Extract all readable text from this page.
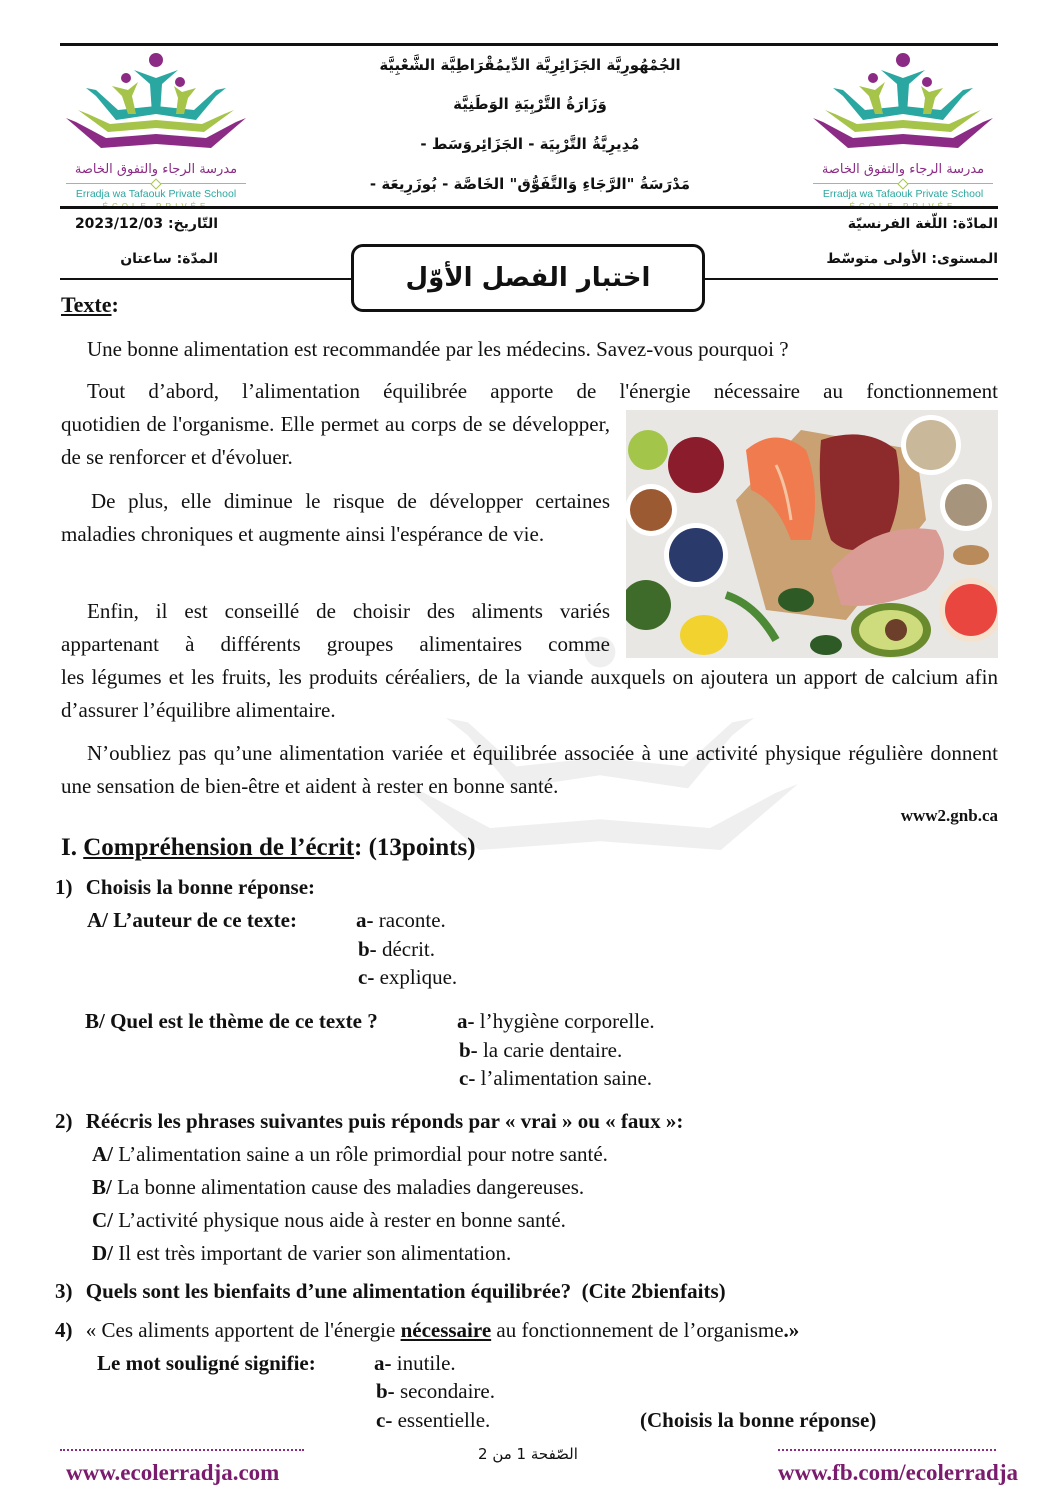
مدرسة الرجاء والتفوق الخاصة
Erradja wa Tafaouk Private School
مدرسة الرجاء والتفوق الخاصة
Erradja wa Tafaouk Private School
الجُمْهُورِيَّة الجَزَائِرِيَّة الدِّيمُقْرَاطِيَّة الشَّعْبِيَّة
وَزَارَةُ التَّرْبِيَةِ الوَطَنِيَّة
مُدِيرِيَّةُ التَّرْبِيَة - الجَزَائِروَسَط -
مَدْرَسَةُ "الرَّجَاءِ وَالتَّفَوُّق" الخَاصَّة - بُوزَرِيعَة -
المادّة: اللّغة الفرنسيّة
المستوى: الأولى متوسّط
التّاريخ: 2023/12/03
المدّة: ساعتان
اختبار الفصل الأوّل
Texte:
Une bonne alimentation est recommandée par les médecins. Savez-vous pourquoi ?
Tout d’abord, l’alimentation équilibrée apporte de l'énergie nécessaire au fonctionnement
quotidien de l'organisme. Elle permet au corps de se développer, de se renforcer et d'évoluer.
De plus, elle diminue le risque de développer certaines maladies chroniques et augmente ainsi l'espérance de vie.
Enfin, il est conseillé de choisir des aliments variés appartenant à différents groupes alimentaires comme
les légumes et les fruits, les produits céréaliers, de la viande auxquels on ajoutera un apport de calcium afin d’assurer l’équilibre alimentaire.
N’oubliez pas qu’une alimentation variée et équilibrée associée à une activité physique régulière donnent une sensation de bien-être et aident à rester en bonne santé.
www2.gnb.ca
I. Compréhension de l’écrit: (13points)
1) Choisis la bonne réponse:
A/ L’auteur de ce texte:	a- raconte.
b- décrit.
c- explique.
B/ Quel est le thème de ce texte ?	a- l’hygiène corporelle.
b- la carie dentaire.
c- l’alimentation saine.
2) Réécris les phrases suivantes puis réponds par « vrai » ou « faux »:
A/ L’alimentation saine a un rôle primordial pour notre santé.
B/ La bonne alimentation cause des maladies dangereuses.
C/ L’activité physique nous aide à rester en bonne santé.
D/ Il est très important de varier son alimentation.
3) Quels sont les bienfaits d’une alimentation équilibrée?  (Cite 2bienfaits)
4) « Ces aliments apportent de l'énergie nécessaire au fonctionnement de l’organisme.»
Le mot souligné signifie:	a- inutile.
b- secondaire.
c- essentielle.	(Choisis la bonne réponse)
الصّفحة 1 من 2
www.ecolerradja.com	www.fb.com/ecolerradja
